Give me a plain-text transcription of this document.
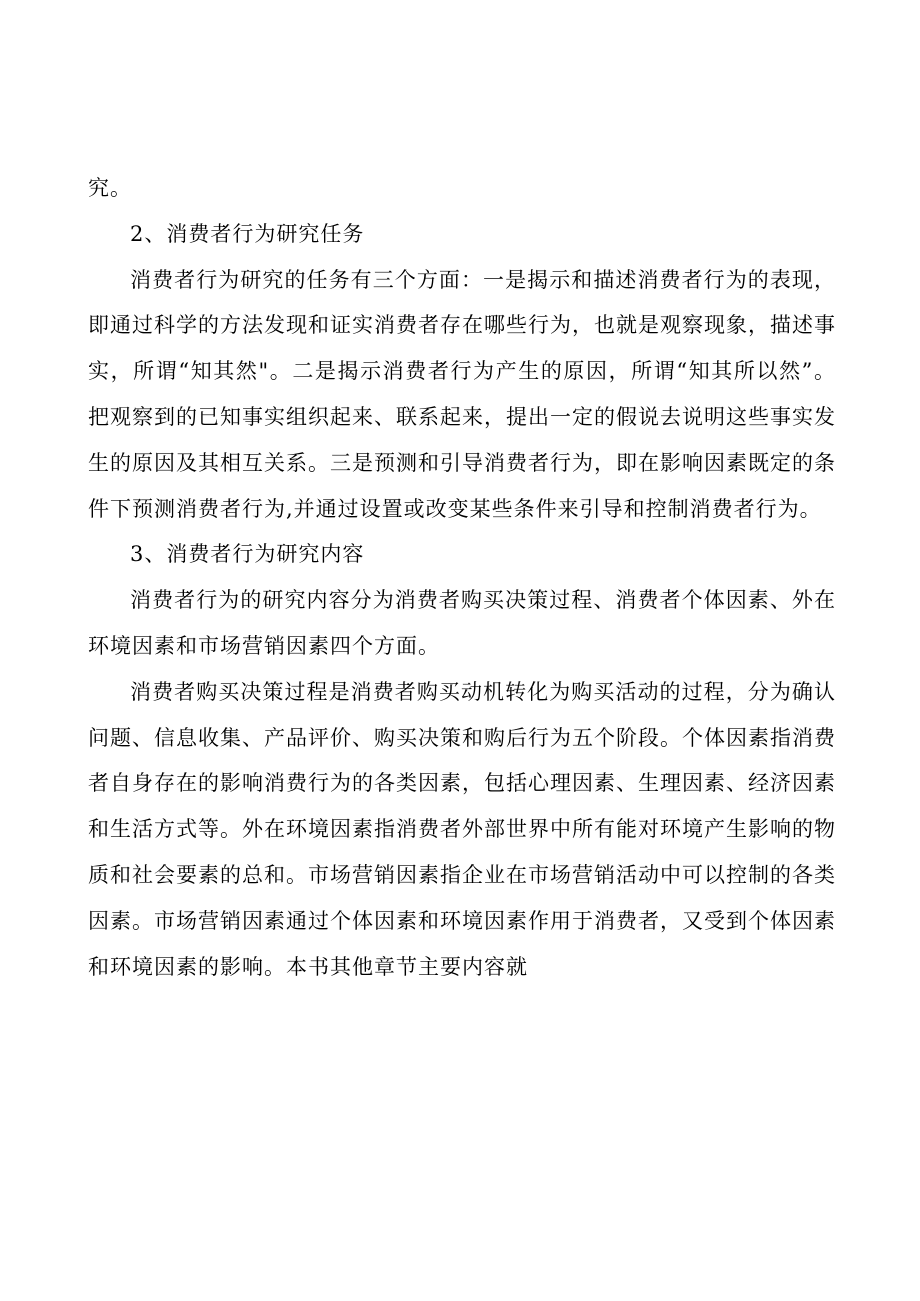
究。

2、消费者行为研究任务

消费者行为研究的任务有三个方面：一是揭示和描述消费者行为的表现，即通过科学的方法发现和证实消费者存在哪些行为，也就是观察现象，描述事实，所谓“知其然"。二是揭示消费者行为产生的原因，所谓“知其所以然”。把观察到的已知事实组织起来、联系起来，提出一定的假说去说明这些事实发生的原因及其相互关系。三是预测和引导消费者行为，即在影响因素既定的条件下预测消费者行为,并通过设置或改变某些条件来引导和控制消费者行为。

3、消费者行为研究内容

消费者行为的研究内容分为消费者购买决策过程、消费者个体因素、外在环境因素和市场营销因素四个方面。

消费者购买决策过程是消费者购买动机转化为购买活动的过程，分为确认问题、信息收集、产品评价、购买决策和购后行为五个阶段。个体因素指消费者自身存在的影响消费行为的各类因素，包括心理因素、生理因素、经济因素和生活方式等。外在环境因素指消费者外部世界中所有能对环境产生影响的物质和社会要素的总和。市场营销因素指企业在市场营销活动中可以控制的各类因素。市场营销因素通过个体因素和环境因素作用于消费者，又受到个体因素和环境因素的影响。本书其他章节主要内容就
